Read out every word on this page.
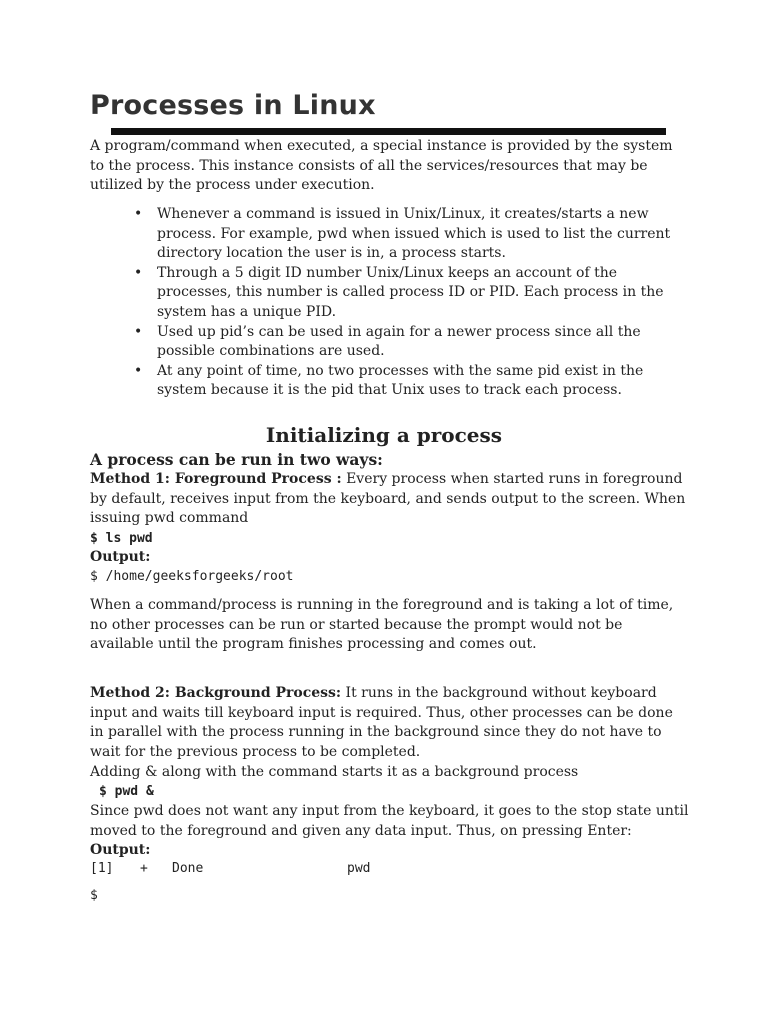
Processes in Linux

A program/command when executed, a special instance is provided by the system to the process. This instance consists of all the services/resources that may be utilized by the process under execution.

• Whenever a command is issued in Unix/Linux, it creates/starts a new process. For example, pwd when issued which is used to list the current directory location the user is in, a process starts.
• Through a 5 digit ID number Unix/Linux keeps an account of the processes, this number is called process ID or PID. Each process in the system has a unique PID.
• Used up pid’s can be used in again for a newer process since all the possible combinations are used.
• At any point of time, no two processes with the same pid exist in the system because it is the pid that Unix uses to track each process.
Initializing a process
A process can be run in two ways:

Method 1: Foreground Process : Every process when started runs in foreground by default, receives input from the keyboard, and sends output to the screen. When issuing pwd command

$ ls pwd

Output:

$ /home/geeksforgeeks/root

When a command/process is running in the foreground and is taking a lot of time, no other processes can be run or started because the prompt would not be available until the program finishes processing and comes out.

Method 2: Background Process: It runs in the background without keyboard input and waits till keyboard input is required. Thus, other processes can be done in parallel with the process running in the background since they do not have to wait for the previous process to be completed.

Adding & along with the command starts it as a background process

$ pwd &

Since pwd does not want any input from the keyboard, it goes to the stop state until moved to the foreground and given any data input. Thus, on pressing Enter:

Output:

[1] + Done	pwd

$
